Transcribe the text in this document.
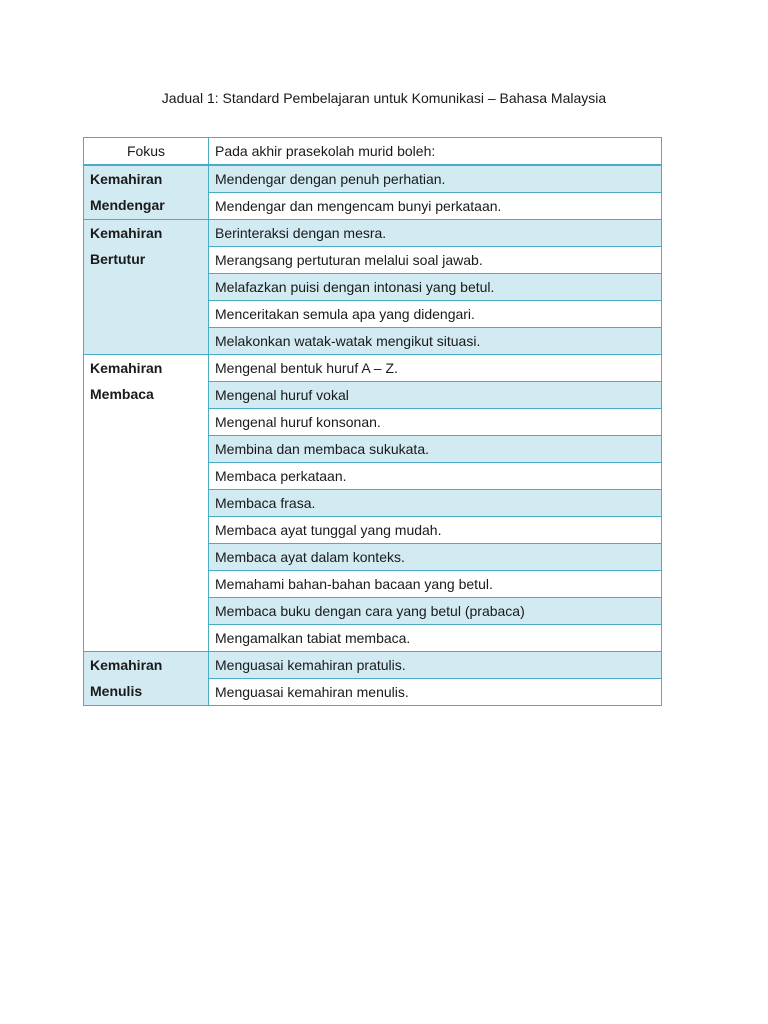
Jadual 1: Standard Pembelajaran untuk Komunikasi – Bahasa Malaysia
Fokus	Pada akhir prasekolah murid boleh:

Kemahiran
Mendengar	Mendengar dengan penuh perhatian.
	Mendengar dan mengencam bunyi perkataan.

Kemahiran
Bertutur	Berinteraksi dengan mesra.
	Merangsang pertuturan melalui soal jawab.
	Melafazkan puisi dengan intonasi yang betul.
	Menceritakan semula apa yang didengari.
	Melakonkan watak-watak mengikut situasi.

Kemahiran
Membaca	Mengenal bentuk huruf A – Z.
	Mengenal huruf vokal
	Mengenal huruf konsonan.
	Membina dan membaca sukukata.
	Membaca perkataan.
	Membaca frasa.
	Membaca ayat tunggal yang mudah.
	Membaca ayat dalam konteks.
	Memahami bahan-bahan bacaan yang betul.
	Membaca buku dengan cara yang betul (prabaca)
	Mengamalkan tabiat membaca.

Kemahiran
Menulis	Menguasai kemahiran pratulis.
	Menguasai kemahiran menulis.
